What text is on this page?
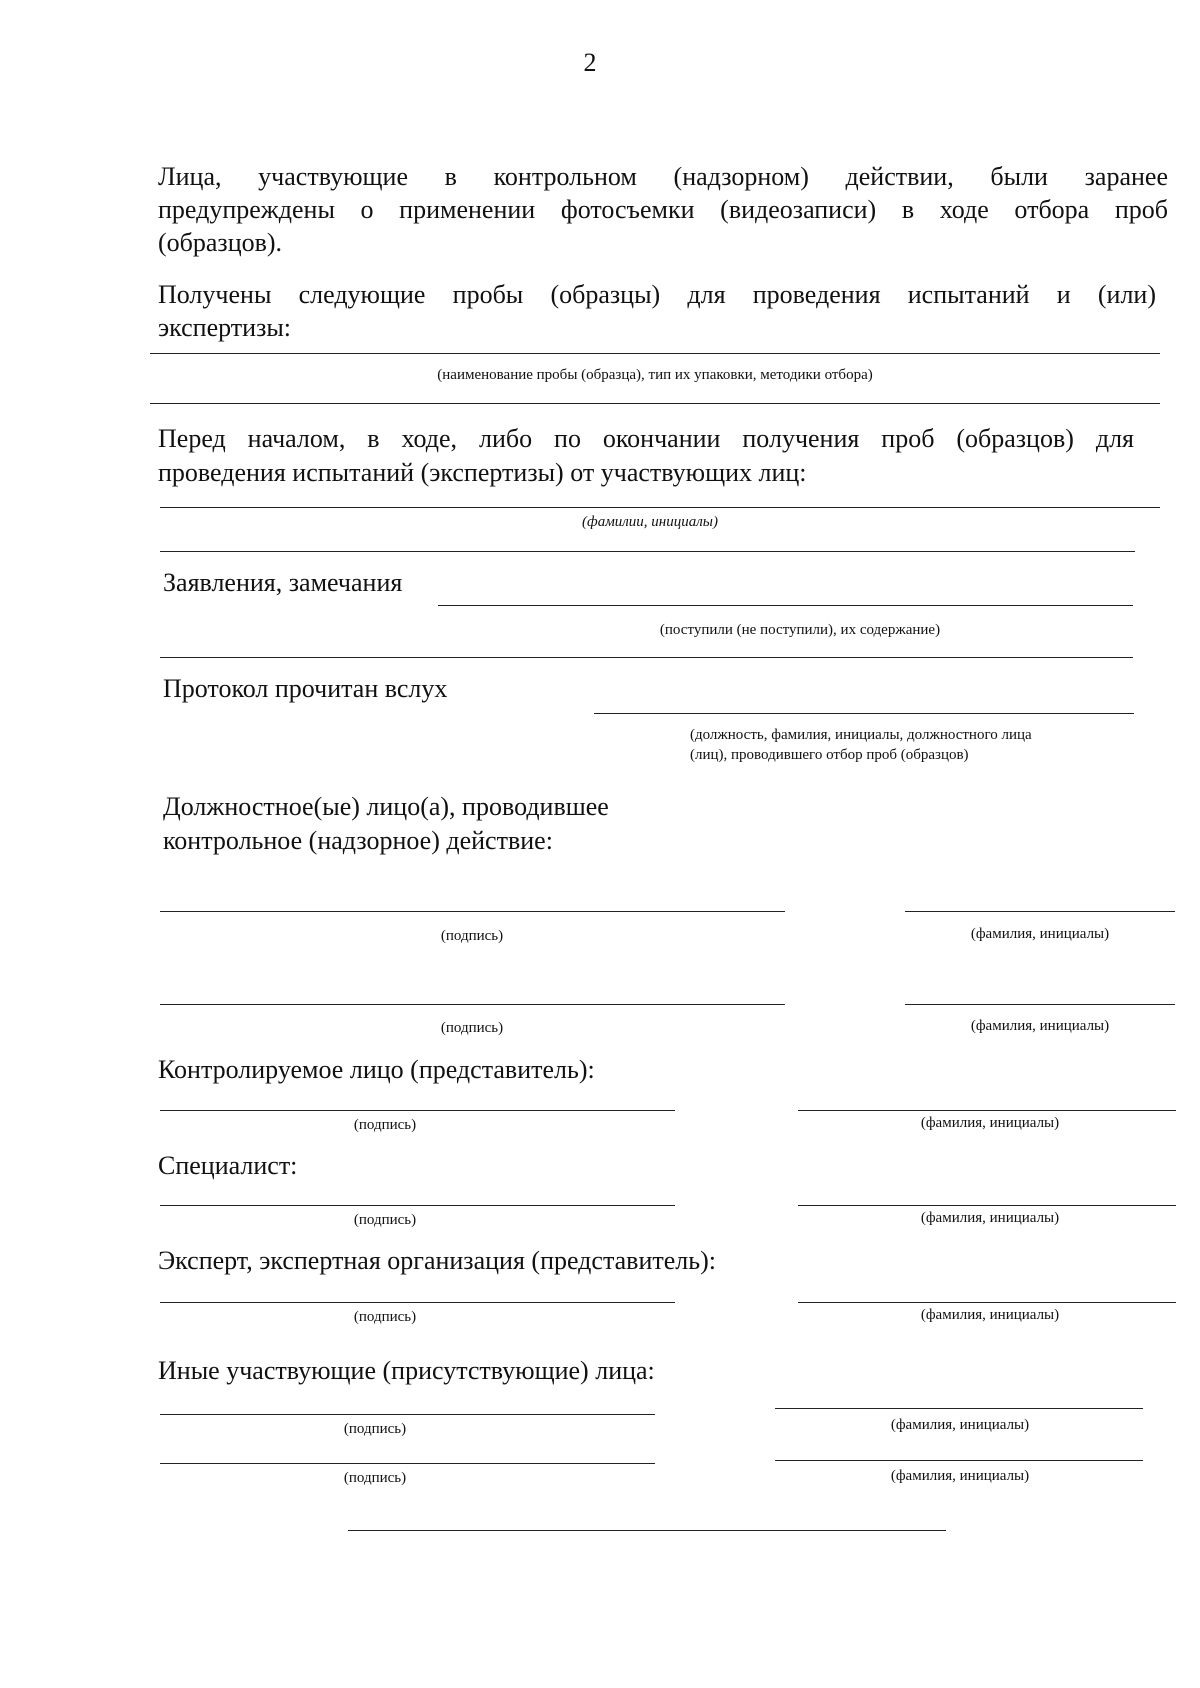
2
Лица, участвующие в контрольном (надзорном) действии, были заранее
предупреждены о применении фотосъемки (видеозаписи) в ходе отбора проб
(образцов).
Получены следующие пробы (образцы) для проведения испытаний и (или)
экспертизы:
(наименование пробы (образца), тип их упаковки, методики отбора)
Перед началом, в ходе, либо по окончании получения проб (образцов) для
проведения испытаний (экспертизы) от участвующих лиц:
(фамилии, инициалы)
Заявления, замечания
(поступили (не поступили), их содержание)
Протокол прочитан вслух
(должность, фамилия, инициалы, должностного лица
(лиц), проводившего отбор проб (образцов)
Должностное(ые) лицо(а), проводившее
контрольное (надзорное) действие:
(подпись)	(фамилия, инициалы)
(подпись)	(фамилия, инициалы)
Контролируемое лицо (представитель):
(подпись)	(фамилия, инициалы)
Специалист:
(подпись)	(фамилия, инициалы)
Эксперт, экспертная организация (представитель):
(подпись)	(фамилия, инициалы)
Иные участвующие (присутствующие) лица:
(подпись)	(фамилия, инициалы)
(подпись)	(фамилия, инициалы)
